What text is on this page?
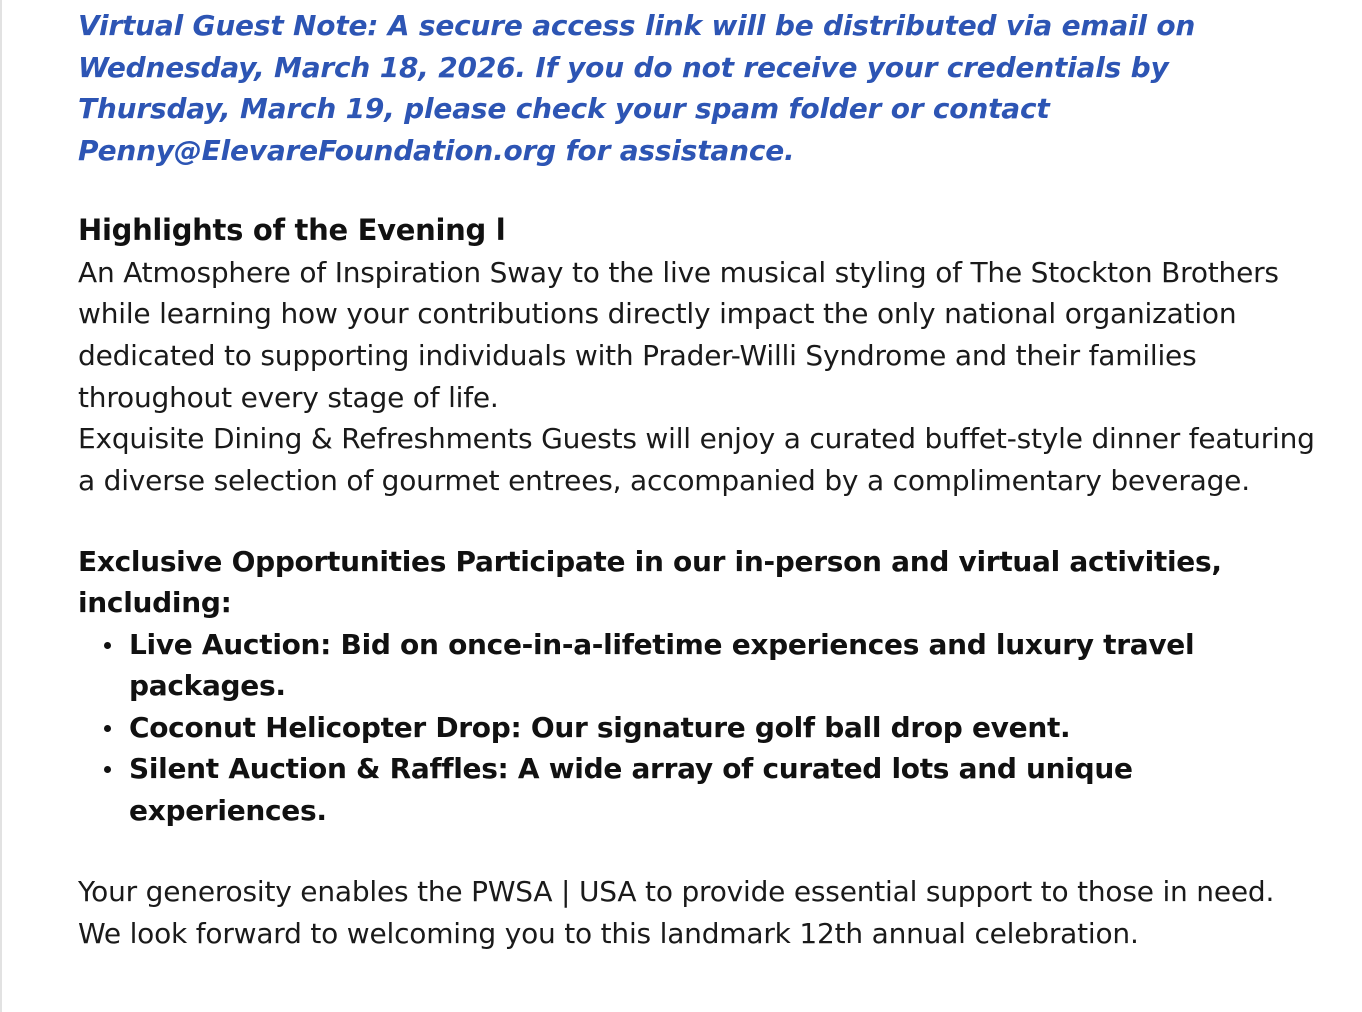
Virtual Guest Note: A secure access link will be distributed via email on Wednesday, March 18, 2026. If you do not receive your credentials by Thursday, March 19, please check your spam folder or contact Penny@ElevareFoundation.org for assistance.

Highlights of the Evening l

An Atmosphere of Inspiration Sway to the live musical styling of The Stockton Brothers while learning how your contributions directly impact the only national organization dedicated to supporting individuals with Prader-Willi Syndrome and their families throughout every stage of life.

Exquisite Dining & Refreshments Guests will enjoy a curated buffet-style dinner featuring a diverse selection of gourmet entrees, accompanied by a complimentary beverage.

Exclusive Opportunities Participate in our in-person and virtual activities, including:

Live Auction: Bid on once-in-a-lifetime experiences and luxury travel packages.
Coconut Helicopter Drop: Our signature golf ball drop event.
Silent Auction & Raffles: A wide array of curated lots and unique experiences.

Your generosity enables the PWSA | USA to provide essential support to those in need. We look forward to welcoming you to this landmark 12th annual celebration.
